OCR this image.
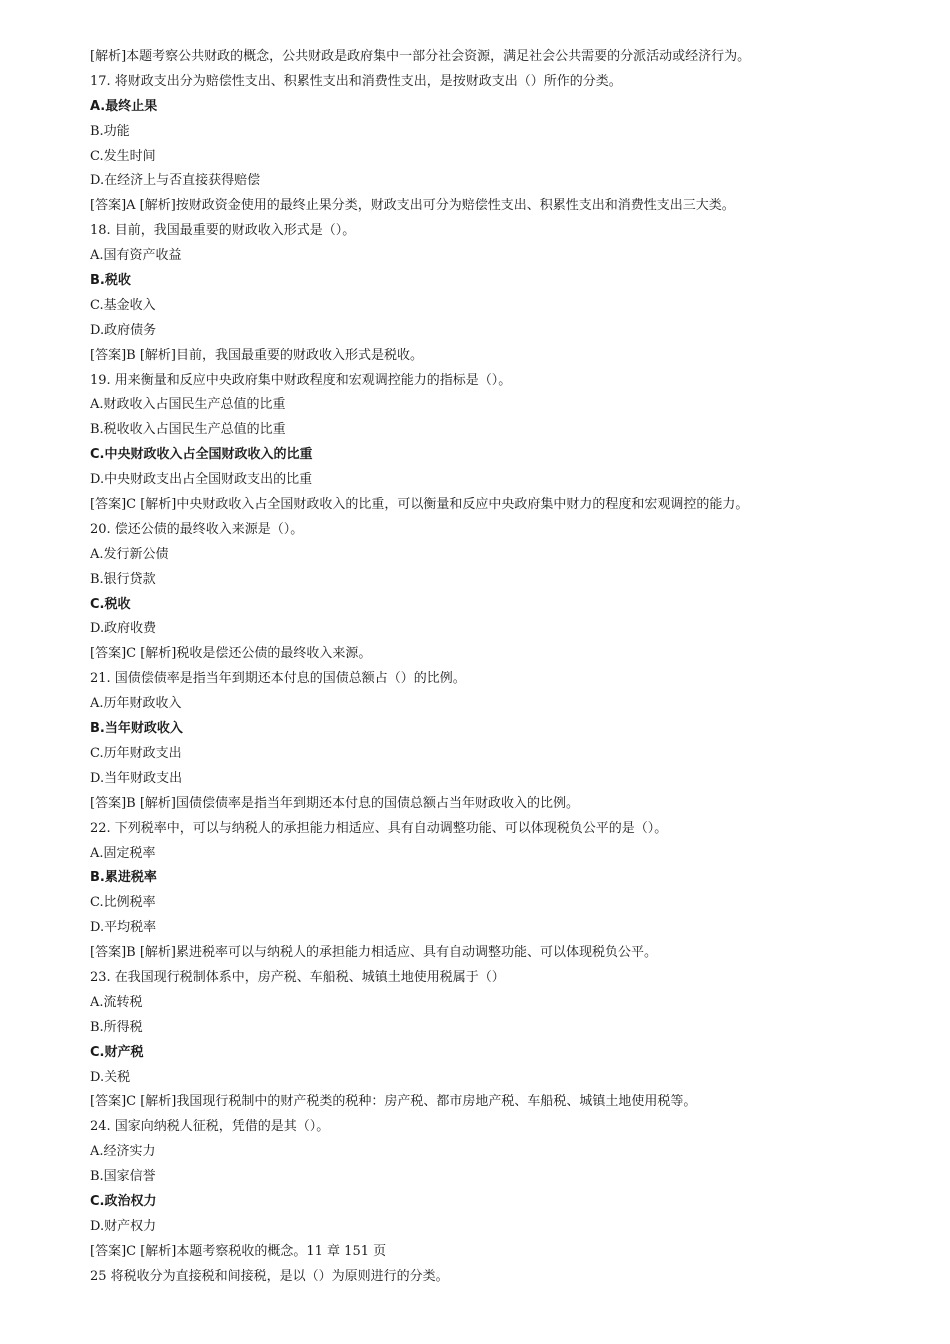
[解析]本题考察公共财政的概念，公共财政是政府集中一部分社会资源，满足社会公共需要的分派活动或经济行为。
17. 将财政支出分为赔偿性支出、积累性支出和消费性支出，是按财政支出（）所作的分类。
A.最终止果
B.功能
C.发生时间
D.在经济上与否直接获得赔偿
[答案]A [解析]按财政资金使用的最终止果分类，财政支出可分为赔偿性支出、积累性支出和消费性支出三大类。
18. 目前，我国最重要的财政收入形式是（）。
A.国有资产收益
B.税收
C.基金收入
D.政府债务
[答案]B [解析]目前，我国最重要的财政收入形式是税收。
19. 用来衡量和反应中央政府集中财政程度和宏观调控能力的指标是（）。
A.财政收入占国民生产总值的比重
B.税收收入占国民生产总值的比重
C.中央财政收入占全国财政收入的比重
D.中央财政支出占全国财政支出的比重
[答案]C [解析]中央财政收入占全国财政收入的比重，可以衡量和反应中央政府集中财力的程度和宏观调控的能力。
20. 偿还公债的最终收入来源是（）。
A.发行新公债
B.银行贷款
C.税收
D.政府收费
[答案]C [解析]税收是偿还公债的最终收入来源。
21. 国债偿债率是指当年到期还本付息的国债总额占（）的比例。
A.历年财政收入
B.当年财政收入
C.历年财政支出
D.当年财政支出
[答案]B [解析]国债偿债率是指当年到期还本付息的国债总额占当年财政收入的比例。
22. 下列税率中，可以与纳税人的承担能力相适应、具有自动调整功能、可以体现税负公平的是（）。
A.固定税率
B.累进税率
C.比例税率
D.平均税率
[答案]B [解析]累进税率可以与纳税人的承担能力相适应、具有自动调整功能、可以体现税负公平。
23. 在我国现行税制体系中，房产税、车船税、城镇土地使用税属于（）
A.流转税
B.所得税
C.财产税
D.关税
[答案]C [解析]我国现行税制中的财产税类的税种：房产税、都市房地产税、车船税、城镇土地使用税等。
24. 国家向纳税人征税，凭借的是其（）。
A.经济实力
B.国家信誉
C.政治权力
D.财产权力
[答案]C [解析]本题考察税收的概念。11 章 151 页
25 将税收分为直接税和间接税，是以（）为原则进行的分类。
